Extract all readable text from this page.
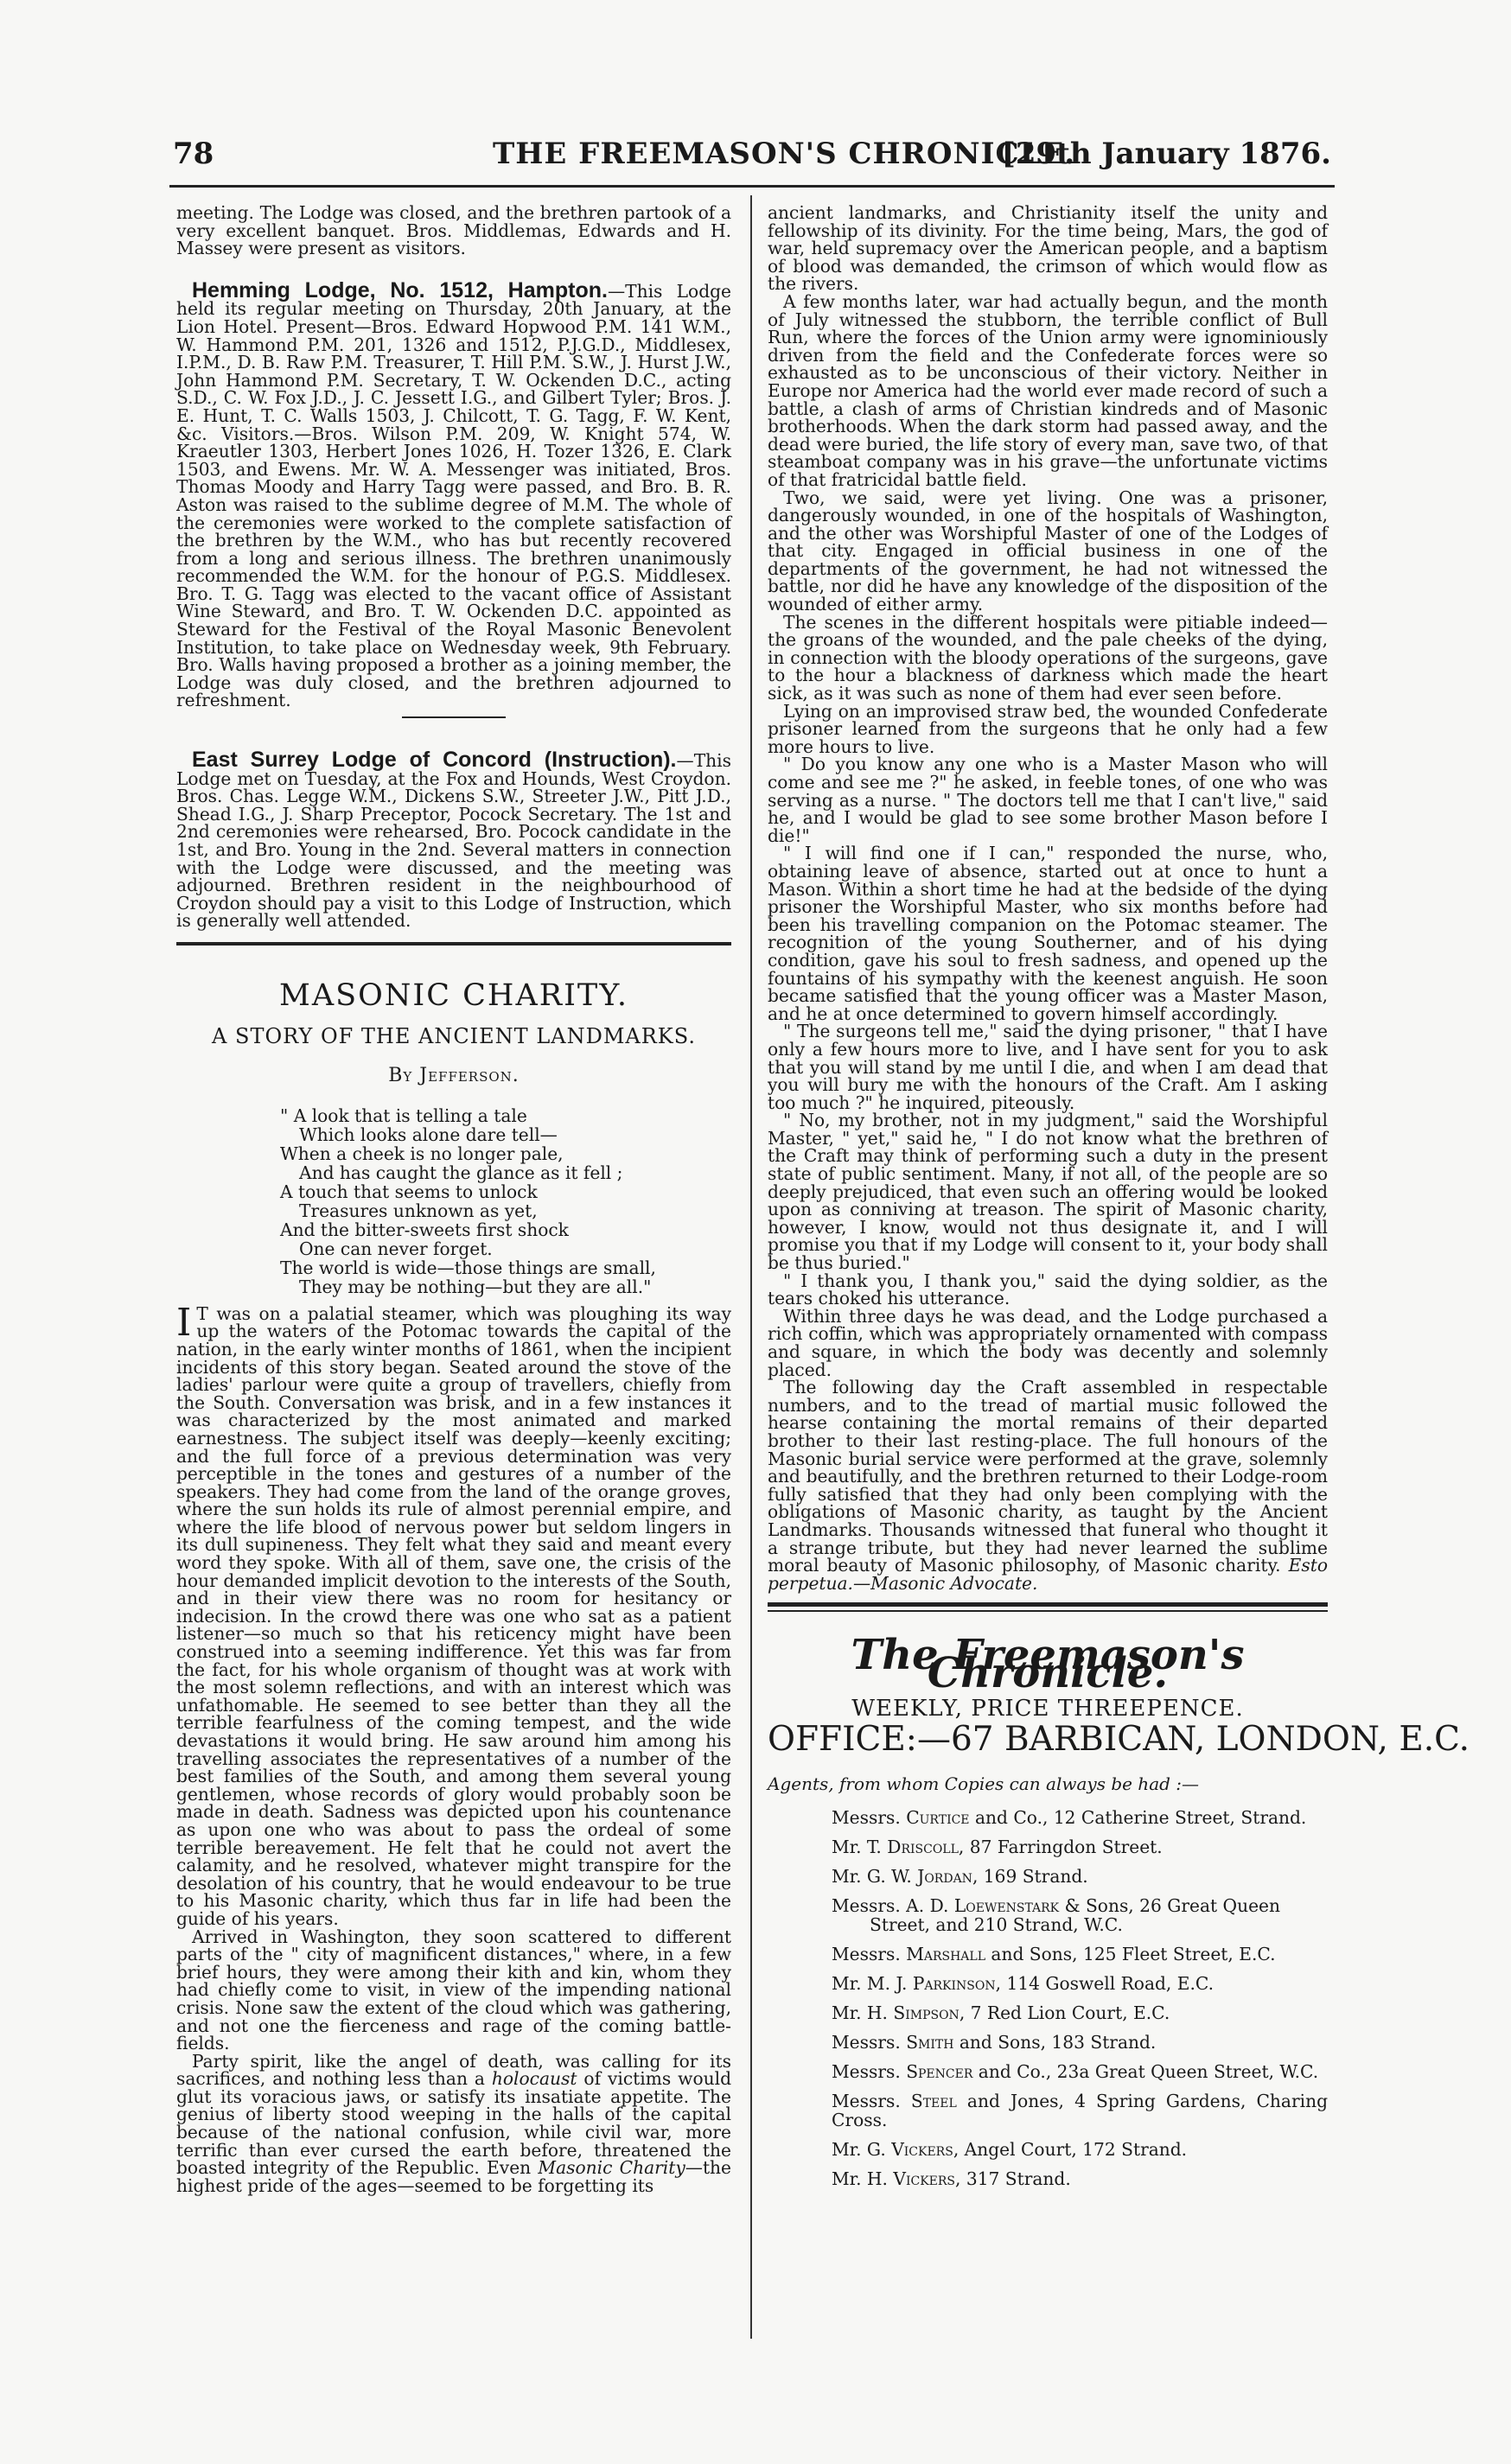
78	THE FREEMASON'S CHRONICLE.
[29th January 1876.

meeting. The Lodge was closed, and the brethren partook of a very excellent banquet. Bros. Middlemas, Edwards and H. Massey were present as visitors.

Hemming Lodge, No. 1512, Hampton.—This Lodge held its regular meeting on Thursday, 20th January, at the Lion Hotel. Present—Bros. Edward Hopwood P.M. 141 W.M., W. Hammond P.M. 201, 1326 and 1512, P.J.G.D., Middlesex, I.P.M., D. B. Raw P.M. Treasurer, T. Hill P.M. S.W., J. Hurst J.W., John Hammond P.M. Secretary, T. W. Ockenden D.C., acting S.D., C. W. Fox J.D., J. C. Jessett I.G., and Gilbert Tyler; Bros. J. E. Hunt, T. C. Walls 1503, J. Chilcott, T. G. Tagg, F. W. Kent, &c. Visitors.—Bros. Wilson P.M. 209, W. Knight 574, W. Kraeutler 1303, Herbert Jones 1026, H. Tozer 1326, E. Clark 1503, and Ewens. Mr. W. A. Messenger was initiated, Bros. Thomas Moody and Harry Tagg were passed, and Bro. B. R. Aston was raised to the sublime degree of M.M. The whole of the ceremonies were worked to the complete satisfaction of the brethren by the W.M., who has but recently recovered from a long and serious illness. The brethren unanimously recommended the W.M. for the honour of P.G.S. Middlesex. Bro. T. G. Tagg was elected to the vacant office of Assistant Wine Steward, and Bro. T. W. Ockenden D.C. appointed as Steward for the Festival of the Royal Masonic Benevolent Institution, to take place on Wednesday week, 9th February. Bro. Walls having proposed a brother as a joining member, the Lodge was duly closed, and the brethren adjourned to refreshment.

East Surrey Lodge of Concord (Instruction).—This Lodge met on Tuesday, at the Fox and Hounds, West Croydon. Bros. Chas. Legge W.M., Dickens S.W., Streeter J.W., Pitt J.D., Shead I.G., J. Sharp Preceptor, Pocock Secretary. The 1st and 2nd ceremonies were rehearsed, Bro. Pocock candidate in the 1st, and Bro. Young in the 2nd. Several matters in connection with the Lodge were discussed, and the meeting was adjourned. Brethren resident in the neighbourhood of Croydon should pay a visit to this Lodge of Instruction, which is generally well attended.

MASONIC CHARITY.
A STORY OF THE ANCIENT LANDMARKS.
By Jefferson.
" A look that is telling a tale
Which looks alone dare tell—
When a cheek is no longer pale,
And has caught the glance as it fell ;
A touch that seems to unlock
Treasures unknown as yet,
And the bitter-sweets first shock
One can never forget.
The world is wide—those things are small,
They may be nothing—but they are all."

I T was on a palatial steamer, which was ploughing its way up the waters of the Potomac towards the capital of the nation, in the early winter months of 1861, when the incipient incidents of this story began. Seated around the stove of the ladies' parlour were quite a group of travellers, chiefly from the South. Conversation was brisk, and in a few instances it was characterized by the most animated and marked earnestness. The subject itself was deeply—keenly exciting; and the full force of a previous determination was very perceptible in the tones and gestures of a number of the speakers. They had come from the land of the orange groves, where the sun holds its rule of almost perennial empire, and where the life blood of nervous power but seldom lingers in its dull supineness. They felt what they said and meant every word they spoke. With all of them, save one, the crisis of the hour demanded implicit devotion to the interests of the South, and in their view there was no room for hesitancy or indecision. In the crowd there was one who sat as a patient listener—so much so that his reticency might have been construed into a seeming indifference. Yet this was far from the fact, for his whole organism of thought was at work with the most solemn reflections, and with an interest which was unfathomable. He seemed to see better than they all the terrible fearfulness of the coming tempest, and the wide devastations it would bring. He saw around him among his travelling associates the representatives of a number of the best families of the South, and among them several young gentlemen, whose records of glory would probably soon be made in death. Sadness was depicted upon his countenance as upon one who was about to pass the ordeal of some terrible bereavement. He felt that he could not avert the calamity, and he resolved, whatever might transpire for the desolation of his country, that he would endeavour to be true to his Masonic charity, which thus far in life had been the guide of his years.

Arrived in Washington, they soon scattered to different parts of the " city of magnificent distances," where, in a few brief hours, they were among their kith and kin, whom they had chiefly come to visit, in view of the impending national crisis. None saw the extent of the cloud which was gathering, and not one the fierceness and rage of the coming battle-fields.

Party spirit, like the angel of death, was calling for its sacrifices, and nothing less than a holocaust of victims would glut its voracious jaws, or satisfy its insatiate appetite. The genius of liberty stood weeping in the halls of the capital because of the national confusion, while civil war, more terrific than ever cursed the earth before, threatened the boasted integrity of the Republic. Even Masonic Charity—the highest pride of the ages—seemed to be forgetting its

ancient landmarks, and Christianity itself the unity and fellowship of its divinity. For the time being, Mars, the god of war, held supremacy over the American people, and a baptism of blood was demanded, the crimson of which would flow as the rivers.

A few months later, war had actually begun, and the month of July witnessed the stubborn, the terrible conflict of Bull Run, where the forces of the Union army were ignominiously driven from the field and the Confederate forces were so exhausted as to be unconscious of their victory. Neither in Europe nor America had the world ever made record of such a battle, a clash of arms of Christian kindreds and of Masonic brotherhoods. When the dark storm had passed away, and the dead were buried, the life story of every man, save two, of that steamboat company was in his grave—the unfortunate victims of that fratricidal battle field.

Two, we said, were yet living. One was a prisoner, dangerously wounded, in one of the hospitals of Washington, and the other was Worshipful Master of one of the Lodges of that city. Engaged in official business in one of the departments of the government, he had not witnessed the battle, nor did he have any knowledge of the disposition of the wounded of either army.

The scenes in the different hospitals were pitiable indeed—the groans of the wounded, and the pale cheeks of the dying, in connection with the bloody operations of the surgeons, gave to the hour a blackness of darkness which made the heart sick, as it was such as none of them had ever seen before.

Lying on an improvised straw bed, the wounded Confederate prisoner learned from the surgeons that he only had a few more hours to live.

" Do you know any one who is a Master Mason who will come and see me ?" he asked, in feeble tones, of one who was serving as a nurse. " The doctors tell me that I can't live," said he, and I would be glad to see some brother Mason before I die!"

" I will find one if I can," responded the nurse, who, obtaining leave of absence, started out at once to hunt a Mason. Within a short time he had at the bedside of the dying prisoner the Worshipful Master, who six months before had been his travelling companion on the Potomac steamer. The recognition of the young Southerner, and of his dying condition, gave his soul to fresh sadness, and opened up the fountains of his sympathy with the keenest anguish. He soon became satisfied that the young officer was a Master Mason, and he at once determined to govern himself accordingly.

" The surgeons tell me," said the dying prisoner, " that I have only a few hours more to live, and I have sent for you to ask that you will stand by me until I die, and when I am dead that you will bury me with the honours of the Craft. Am I asking too much ?" he inquired, piteously.

" No, my brother, not in my judgment," said the Worshipful Master, " yet," said he, " I do not know what the brethren of the Craft may think of performing such a duty in the present state of public sentiment. Many, if not all, of the people are so deeply prejudiced, that even such an offering would be looked upon as conniving at treason. The spirit of Masonic charity, however, I know, would not thus designate it, and I will promise you that if my Lodge will consent to it, your body shall be thus buried."

" I thank you, I thank you," said the dying soldier, as the tears choked his utterance.

Within three days he was dead, and the Lodge purchased a rich coffin, which was appropriately ornamented with compass and square, in which the body was decently and solemnly placed.

The following day the Craft assembled in respectable numbers, and to the tread of martial music followed the hearse containing the mortal remains of their departed brother to their last resting-place. The full honours of the Masonic burial service were performed at the grave, solemnly and beautifully, and the brethren returned to their Lodge-room fully satisfied that they had only been complying with the obligations of Masonic charity, as taught by the Ancient Landmarks. Thousands witnessed that funeral who thought it a strange tribute, but they had never learned the sublime moral beauty of Masonic philosophy, of Masonic charity. Esto perpetua.—Masonic Advocate.

The Freemason's Chronicle.
WEEKLY, PRICE THREEPENCE.
OFFICE:—67 BARBICAN, LONDON, E.C.

Agents, from whom Copies can always be had :—

Messrs. Curtice and Co., 12 Catherine Street, Strand.

Mr. T. Driscoll, 87 Farringdon Street.

Mr. G. W. Jordan, 169 Strand.

Messrs. A. D. Loewenstark & Sons, 26 Great Queen
Street, and 210 Strand, W.C.

Messrs. Marshall and Sons, 125 Fleet Street, E.C.

Mr. M. J. Parkinson, 114 Goswell Road, E.C.

Mr. H. Simpson, 7 Red Lion Court, E.C.

Messrs. Smith and Sons, 183 Strand.

Messrs. Spencer and Co., 23a Great Queen Street, W.C.

Messrs. Steel and Jones, 4 Spring Gardens, Charing Cross.

Mr. G. Vickers, Angel Court, 172 Strand.

Mr. H. Vickers, 317 Strand.
